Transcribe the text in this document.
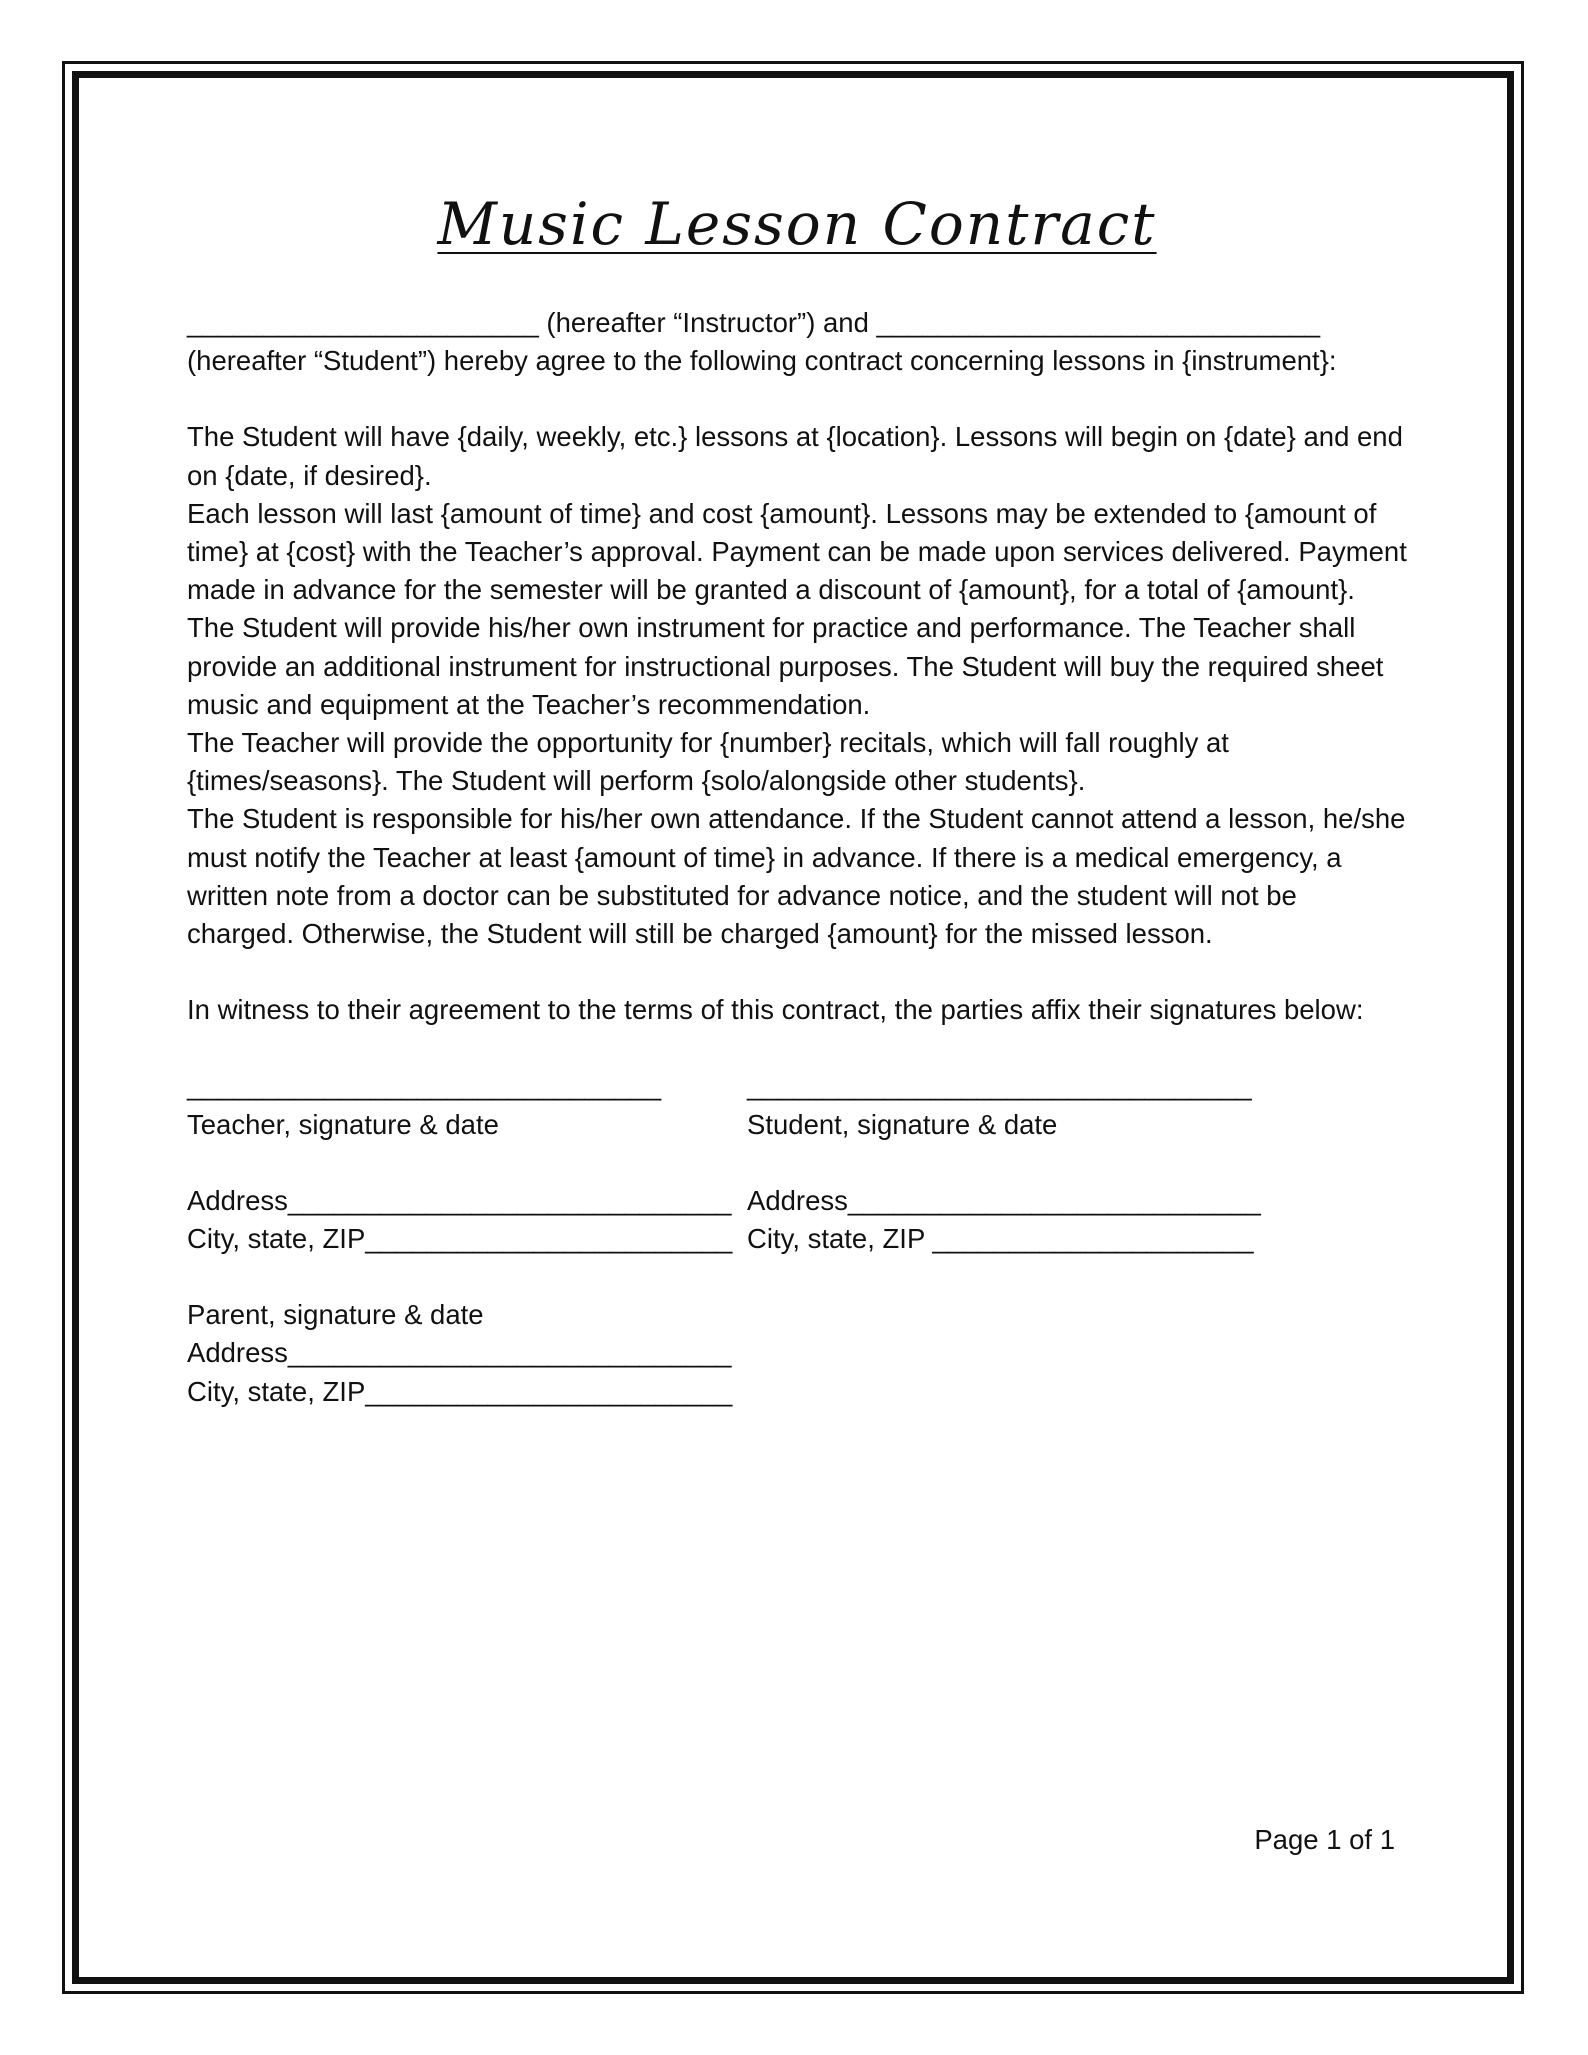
Music Lesson Contract

_______________________ (hereafter “Instructor”) and _____________________________ (hereafter “Student”) hereby agree to the following contract concerning lessons in {instrument}:

The Student will have {daily, weekly, etc.} lessons at {location}. Lessons will begin on {date} and end on {date, if desired}.

Each lesson will last {amount of time} and cost {amount}. Lessons may be extended to {amount of time} at {cost} with the Teacher’s approval. Payment can be made upon services delivered. Payment made in advance for the semester will be granted a discount of {amount}, for a total of {amount}.

The Student will provide his/her own instrument for practice and performance. The Teacher shall provide an additional instrument for instructional purposes. The Student will buy the required sheet music and equipment at the Teacher’s recommendation.

The Teacher will provide the opportunity for {number} recitals, which will fall roughly at {times/seasons}. The Student will perform {solo/alongside other students}.

The Student is responsible for his/her own attendance. If the Student cannot attend a lesson, he/she must notify the Teacher at least {amount of time} in advance. If there is a medical emergency, a written note from a doctor can be substituted for advance notice, and the student will not be charged. Otherwise, the Student will still be charged {amount} for the missed lesson.

In witness to their agreement to the terms of this contract, the parties affix their signatures below:

_______________________________	_________________________________
Teacher, signature & date	Student, signature & date
Address_____________________________ Address___________________________
City, state, ZIP________________________ City, state, ZIP _____________________

Parent, signature & date

Address_____________________________

City, state, ZIP________________________

Page 1 of 1
